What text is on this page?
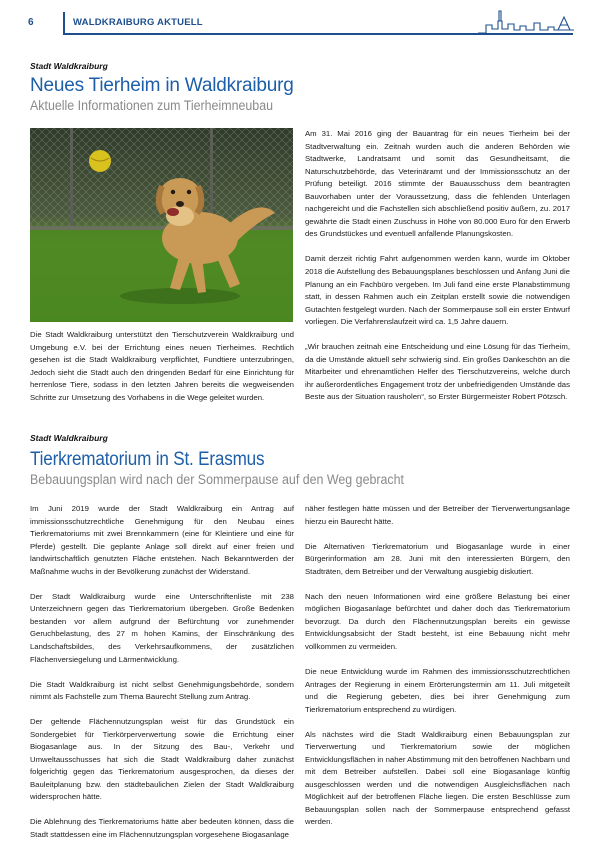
6	WALDKRAIBURG AKTUELL
Stadt Waldkraiburg
Neues Tierheim in Waldkraiburg
Aktuelle Informationen zum Tierheimneubau

Die Stadt Waldkraiburg unterstützt den Tierschutzverein Waldkraiburg und Umgebung e.V. bei der Errichtung eines neuen Tierheimes. Rechtlich gesehen ist die Stadt Waldkraiburg verpflichtet, Fundtiere unterzubringen, Jedoch sieht die Stadt auch den dringenden Bedarf für eine Einrichtung für herrenlose Tiere, sodass in den letzten Jahren bereits die wegweisenden Schritte zur Umsetzung des Vorhabens in die Wege geleitet wurden.

Am 31. Mai 2016 ging der Bauantrag für ein neues Tierheim bei der Stadtverwaltung ein. Zeitnah wurden auch die anderen Behörden wie Stadtwerke, Landratsamt und somit das Gesundheitsamt, die Naturschutzbehörde, das Veterinäramt und der Immissionsschutz an der Prüfung beteiligt. 2016 stimmte der Bauausschuss dem beantragten Bauvorhaben unter der Voraussetzung, dass die fehlenden Unterlagen nachgereicht und die Fachstellen sich abschließend positiv äußern, zu. 2017 gewährte die Stadt einen Zuschuss in Höhe von 80.000 Euro für den Erwerb des Grundstückes und eventuell anfallende Planungskosten.

Damit derzeit richtig Fahrt aufgenommen werden kann, wurde im Oktober 2018 die Aufstellung des Bebauungsplanes beschlossen und Anfang Juni die Planung an ein Fachbüro vergeben. Im Juli fand eine erste Planabstimmung statt, in dessen Rahmen auch ein Zeitplan erstellt sowie die notwendigen Gutachten festgelegt wurden. Nach der Sommerpause soll ein erster Entwurf vorliegen. Die Verfahrenslaufzeit wird ca. 1,5 Jahre dauern.

„Wir brauchen zeitnah eine Entscheidung und eine Lösung für das Tierheim, da die Umstände aktuell sehr schwierig sind. Ein großes Dankeschön an die Mitarbeiter und ehrenamtlichen Helfer des Tierschutzvereins, welche durch ihr außerordentliches Engagement trotz der unbefriedigenden Umstände das Beste aus der Situation rausholen“, so Erster Bürgermeister Robert Pötzsch.

Stadt Waldkraiburg
Tierkrematorium in St. Erasmus
Bebauungsplan wird nach der Sommerpause auf den Weg gebracht

Im Juni 2019 wurde der Stadt Waldkraiburg ein Antrag auf immissionsschutzrechtliche Genehmigung für den Neubau eines Tierkrematoriums mit zwei Brennkammern (eine für Kleintiere und eine für Pferde) gestellt. Die geplante Anlage soll direkt auf einer freien und landwirtschaftlich genutzten Fläche entstehen. Nach Bekanntwerden der Maßnahme wuchs in der Bevölkerung zunächst der Widerstand.

Der Stadt Waldkraiburg wurde eine Unterschriftenliste mit 238 Unterzeichnern gegen das Tierkrematorium übergeben. Große Bedenken bestanden vor allem aufgrund der Befürchtung vor zunehmender Geruchbelastung, des 27 m hohen Kamins, der Einschränkung des Landschaftsbildes, des Verkehrsaufkommens, der zusätzlichen Flächenversiegelung und Lärmentwicklung.

Die Stadt Waldkraiburg ist nicht selbst Genehmigungsbehörde, sondern nimmt als Fachstelle zum Thema Baurecht Stellung zum Antrag.

Der geltende Flächennutzungsplan weist für das Grundstück ein Sondergebiet für Tierkörperverwertung sowie die Errichtung einer Biogasanlage aus. In der Sitzung des Bau-, Verkehr und Umweltausschusses hat sich die Stadt Waldkraiburg daher zunächst folgerichtig gegen das Tierkrematorium ausgesprochen, da dieses der Bauleitplanung bzw. den städtebaulichen Zielen der Stadt Waldkraiburg widersprochen hätte.

Die Ablehnung des Tierkrematoriums hätte aber bedeuten können, dass die Stadt stattdessen eine im Flächennutzungsplan vorgesehene Biogasanlage

näher festlegen hätte müssen und der Betreiber der Tierverwertungsanlage hierzu ein Baurecht hätte.

Die Alternativen Tierkrematorium und Biogasanlage wurde in einer Bürgerinformation am 28. Juni mit den interessierten Bürgern, den Stadträten, dem Betreiber und der Verwaltung ausgiebig diskutiert.

Nach den neuen Informationen wird eine größere Belastung bei einer möglichen Biogasanlage befürchtet und daher doch das Tierkrematorium bevorzugt. Da durch den Flächennutzungsplan bereits ein gewisse Entwicklungsabsicht der Stadt besteht, ist eine Bebauung nicht mehr vollkommen zu vermeiden.

Die neue Entwicklung wurde im Rahmen des immissionsschutzrechtlichen Antrages der Regierung in einem Erörterungstermin am 11. Juli mitgeteilt und die Regierung gebeten, dies bei ihrer Genehmigung zum Tierkrematorium entsprechend zu würdigen.

Als nächstes wird die Stadt Waldkraiburg einen Bebauungsplan zur Tierverwertung und Tierkrematorium sowie der möglichen Entwicklungsflächen in naher Abstimmung mit den betroffenen Nachbarn und mit dem Betreiber aufstellen. Dabei soll eine Biogasanlage künftig ausgeschlossen werden und die notwendigen Ausgleichsflächen nach Möglichkeit auf der betroffenen Fläche liegen. Die ersten Beschlüsse zum Bebauungsplan sollen nach der Sommerpause entsprechend gefasst werden.
